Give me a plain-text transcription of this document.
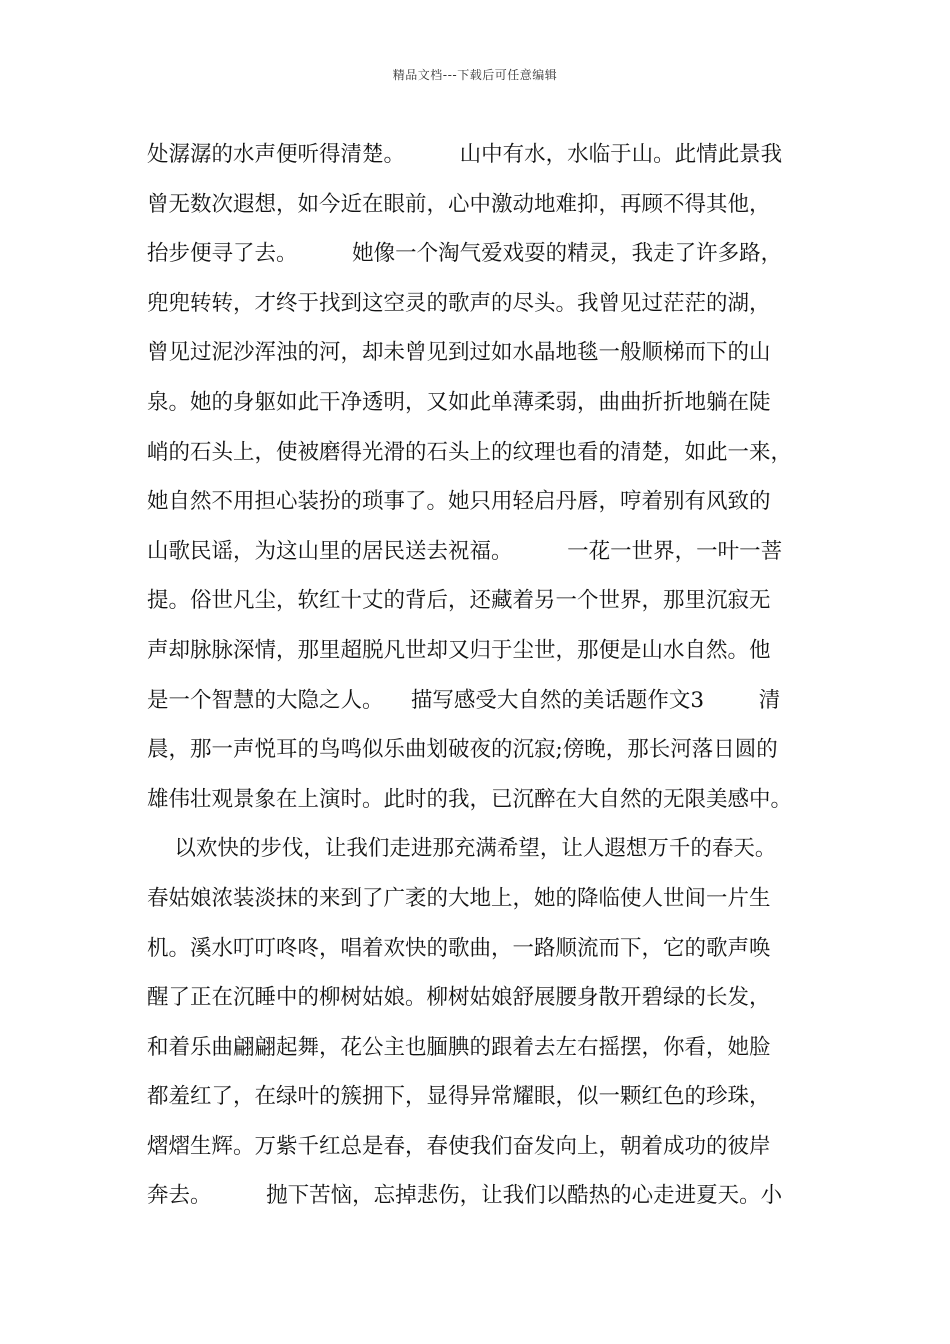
精品文档---下载后可任意编辑
处潺潺的水声便听得清楚。        山中有水，水临于山。此情此景我
曾无数次遐想，如今近在眼前，心中激动地难抑，再顾不得其他，
抬步便寻了去。        她像一个淘气爱戏耍的精灵，我走了许多路，
兜兜转转，才终于找到这空灵的歌声的尽头。我曾见过茫茫的湖，
曾见过泥沙浑浊的河，却未曾见到过如水晶地毯一般顺梯而下的山
泉。她的身躯如此干净透明，又如此单薄柔弱，曲曲折折地躺在陡
峭的石头上，使被磨得光滑的石头上的纹理也看的清楚，如此一来，
她自然不用担心装扮的琐事了。她只用轻启丹唇，哼着别有风致的
山歌民谣，为这山里的居民送去祝福。        一花一世界，一叶一菩
提。俗世凡尘，软红十丈的背后，还藏着另一个世界，那里沉寂无
声却脉脉深情，那里超脱凡世却又归于尘世，那便是山水自然。他
是一个智慧的大隐之人。    描写感受大自然的美话题作文3        清
晨，那一声悦耳的鸟鸣似乐曲划破夜的沉寂;傍晚，那长河落日圆的
雄伟壮观景象在上演时。此时的我，已沉醉在大自然的无限美感中。
以欢快的步伐，让我们走进那充满希望，让人遐想万千的春天。
春姑娘浓装淡抹的来到了广袤的大地上，她的降临使人世间一片生
机。溪水叮叮咚咚，唱着欢快的歌曲，一路顺流而下，它的歌声唤
醒了正在沉睡中的柳树姑娘。柳树姑娘舒展腰身散开碧绿的长发，
和着乐曲翩翩起舞，花公主也腼腆的跟着去左右摇摆，你看，她脸
都羞红了，在绿叶的簇拥下，显得异常耀眼，似一颗红色的珍珠，
熠熠生辉。万紫千红总是春，春使我们奋发向上，朝着成功的彼岸
奔去。        抛下苦恼，忘掉悲伤，让我们以酷热的心走进夏天。小
